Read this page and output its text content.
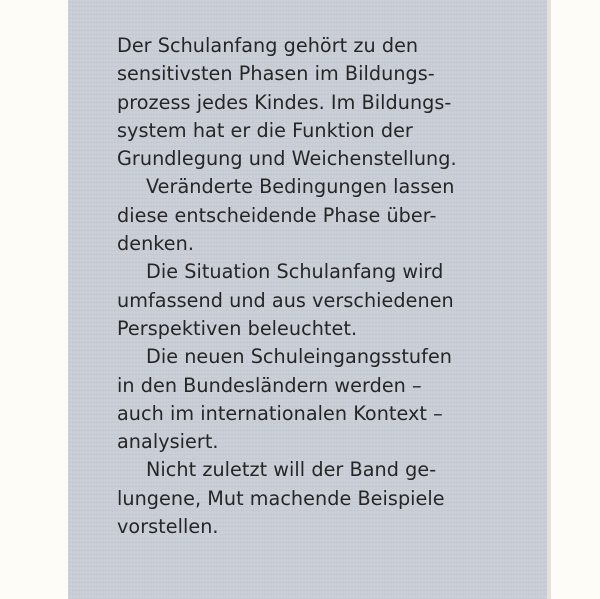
Der Schulanfang gehört zu den
sensitivsten Phasen im Bildungs-
prozess jedes Kindes. Im Bildungs-
system hat er die Funktion der
Grundlegung und Weichenstellung.
Veränderte Bedingungen lassen
diese entscheidende Phase über-
denken.
Die Situation Schulanfang wird
umfassend und aus verschiedenen
Perspektiven beleuchtet.
Die neuen Schuleingangsstufen
in den Bundesländern werden –
auch im internationalen Kontext –
analysiert.
Nicht zuletzt will der Band ge-
lungene, Mut machende Beispiele
vorstellen.
